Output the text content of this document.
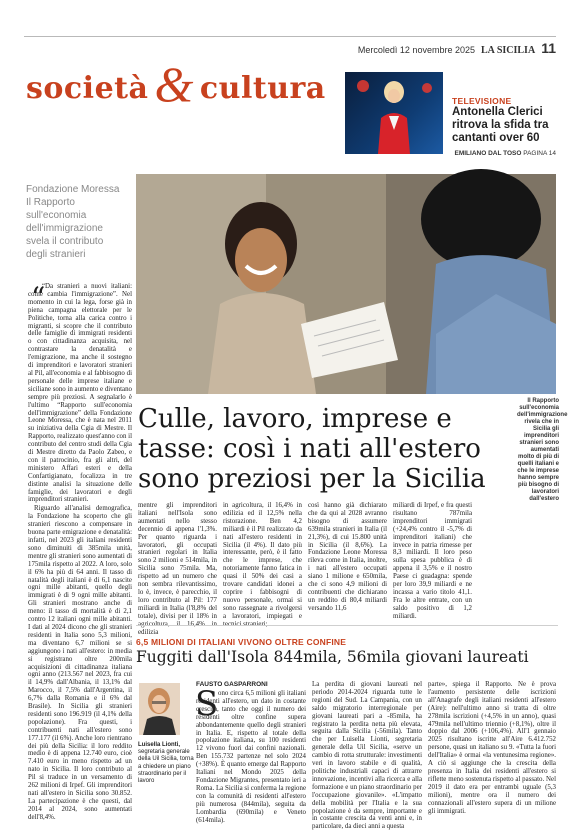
Mercoledì 12 novembre 2025 LA SICILIA 11
società & cultura	TELEVISIONE
Antonella Clerici ritrova la sfida tra cantanti over 60
EMILIANO DAL TOSO PAGINA 14
Fondazione Moressa Il Rapporto sull'economia dell'immigrazione svela il contributo degli stranieri
Il Rapporto sull'economia dell'immigrazione rivela che in Sicilia gli imprenditori stranieri sono aumentati molto di più di quelli italiani e che le imprese hanno sempre più bisogno di lavoratori dall'estero
“

“Da stranieri a nuovi italiani: come cambia l'immigrazione”. Nel momento in cui la lega, forse già in piena campagna elettorale per le Politiche, torna alla carica contro i migranti, si scopre che il contributo delle famiglie di immigrati residenti o con cittadinanza acquisita, nel contrastare la denatalità e l'emigrazione, ma anche il sostegno di imprenditori e lavoratori stranieri al Pil, all'economia e al fabbisogno di personale delle imprese italiane e siciliane sono in aumento e diventano sempre più preziosi. A segnalarlo è l'ultimo “Rapporto sull'economia dell'immigrazione” della Fondazione Leone Moressa, che è nata nel 2011 su iniziativa della Cgia di Mestre. Il Rapporto, realizzato quest'anno con il contributo del centro studi della Cgia di Mestre diretto da Paolo Zabeo, e con il patrocinio, fra gli altri, del ministero Affari esteri e della Confartigianato, focalizza in tre distinte analisi la situazione delle famiglie, dei lavoratori e degli imprenditori stranieri.

Riguardo all'analisi demografica, la Fondazione ha scoperto che gli stranieri riescono a compensare in buona parte emigrazione e denatalità: infatti, nel 2023 gli italiani residenti sono diminuiti di 385mila unità, mentre gli stranieri sono aumentati di 175mila rispetto al 2022. A loro, solo il 6% ha più di 64 anni. Il tasso di natalità degli italiani è di 6,1 nascite ogni mille abitanti, quello degli immigrati è di 9 ogni mille abitanti. Gli stranieri mostrano anche di meno: il tasso di mortalità è di 2,1 contro 12 italiani ogni mille abitanti. I dati al 2024 dicono che gli stranieri residenti in Italia sono 5,3 milioni, ma diventano 6,7 milioni se si aggiungono i nati all'estero: in media si registrano oltre 200mila acquisizioni di cittadinanza italiana ogni anno (213.567 nel 2023, fra cui il 14,9% dall'Albania, il 13,1% dal Marocco, il 7,5% dall'Argentina, il 6,7% dalla Romania e il 6% dal Brasile). In Sicilia gli stranieri residenti sono 196.919 (il 4,1% della popolazione). Fra questi, i contribuenti nati all'estero sono 177.177 (il 6%). Anche loro rientrano dei più della Sicilia: il loro reddito medio è di appena 12.740 euro, cioè 7.410 euro in meno rispetto ad un nato in Sicilia. Il loro contributo al Pil si traduce in un versamento di 262 milioni di Irpef. Gli imprenditori nati all'estero in Sicilia sono 30.852. La partecipazione è che questi, dal 2014 al 2024, sono aumentati dell'8,4%.

Culle, lavoro, imprese e tasse: così i nati all'estero sono preziosi per la Sicilia
mentre gli imprenditori italiani nell'Isola sono aumentati nello stesso decennio di appena l'1,3%. Per quanto riguarda i lavoratori, gli occupati stranieri regolari in Italia sono 2 milioni e 514mila, in Sicilia sono 75mila. Ma, rispetto ad un numero che non sembra rilevantissimo, lo è, invece, è parecchio, il loro contributo al Pil: 177 miliardi in Italia (l'8,8% del totale), divisi per il 18% in edilizia
in agricoltura, il 16,4% in edilizia ed il 12,5% nella ristorazione. Ben 4,2 miliardi è il Pil realizzato da nati all'estero residenti in Sicilia (il 4%). Il dato più interessante, però, è il fatto che le imprese, che notoriamente fanno fatica in quasi il 50% dei casi a trovare candidati idonei a coprire i fabbisogni di nuovo personale, ormai si sono rassegnate a rivolgersi a lavoratori, impiegati e
così hanno già dichiarato che da qui al 2028 avranno bisogno di assumere 639mila stranieri in Italia (il 21,3%), di cui 15.800 unità in Sicilia (il 8,6%). La Fondazione Leone Moressa rileva come in Italia, inoltre, i nati all'estero occupati siano 1 milione e 650mila, che ci sono 4,9 milioni di contribuenti che dichiarano un reddito di 80,4 miliardi versando 11,6
miliardi di Irpef, e fra questi risultano 787mila imprenditori immigrati (+24,4% contro il -5,7% di imprenditori italiani) che invece in patria rimesse per 8,3 miliardi. Il loro peso sulla spesa pubblica è di appena il 3,5% e il nostro Paese ci guadagna: spende per loro 39,9 miliardi e ne incassa a vario titolo 41,1. Fra le altre entrate, con un saldo positivo di 1,2 miliardi.
6,5 MILIONI DI ITALIANI VIVONO OLTRE CONFINE
Fuggiti dall'Isola 844mila, 56mila giovani laureati
Luisella Lionti, segretaria generale della Uil Sicilia, torna a chiedere un piano straordinario per il lavoro
FAUSTO GASPARRONI
S ono circa 6,5 milioni gli italiani residenti all'estero, un dato in costante crescita, tanto che oggi il numero dei residenti oltre confine supera abbondantemente quello degli stranieri in Italia. E, rispetto al totale della popolazione italiana, su 100 residenti 12 vivono fuori dai confini nazionali. Ben 155.732 partenze nel solo 2024 (+38%). È quanto emerge dal Rapporto Italiani nel Mondo 2025 della Fondazione Migrantes, presentato ieri a Roma. La Sicilia si conferma la regione con la comunità di residenti all'estero più numerosa (844mila), seguita da Lombardia (690mila) e Veneto (614mila).
La perdita di giovani laureati nel periodo 2014-2024 riguarda tutte le regioni del Sud. La Campania, con un saldo migratorio interregionale per giovani laureati pari a -85mila, ha registrato la perdita netta più elevata, seguita dalla Sicilia (-56mila). Tanto che per Luisella Lionti, segretaria generale della Uil Sicilia, «serve un cambio di rotta strutturale: investimenti veri in lavoro stabile e di qualità, politiche industriali capaci di attrarre innovazione, incentivi alla ricerca e alla formazione e un piano straordinario per l'occupazione giovanile». «L'impatto della mobilità per l'Italia e la sua popolazione è da sempre, importante e in costante crescita da venti anni e, in particolare, da dieci anni a questa
parte», spiega il Rapporto. Ne è prova l'aumento persistente delle iscrizioni all'Anagrafe degli italiani residenti all'estero (Aire): nell'ultimo anno si tratta di oltre 278mila iscrizioni (+4,5% in un anno), quasi 479mila nell'ultimo triennio (+8,1%), oltre il doppio dal 2006 (+106,4%). All'1 gennaio 2025 risultano iscritte all'Aire 6.412.752 persone, quasi un italiano su 9. «Tutta la fuori dell'Italia» è ormai «la ventunesima regione». A ciò si aggiunge che la crescita della presenza in Italia dei residenti all'estero si riflette meno sostenuta rispetto al passato. Nel 2019 il dato era per entrambi uguale (5,3 milioni), mentre ora il numero dei connazionali all'estero supera di un milione gli immigrati.
